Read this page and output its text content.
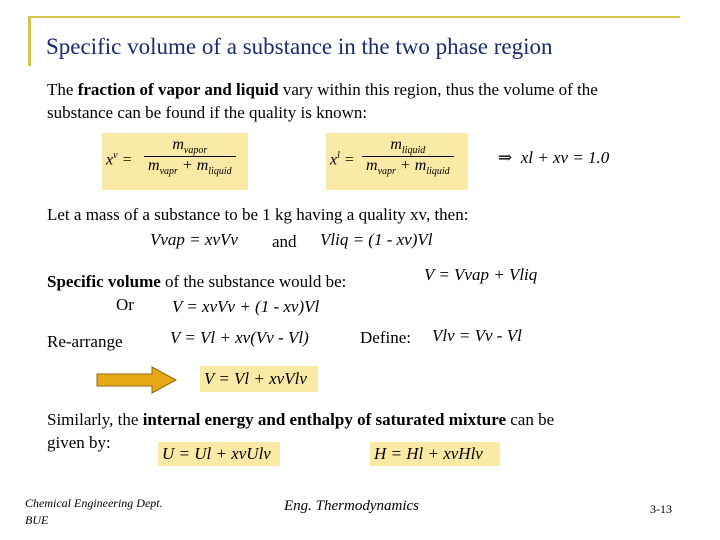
Specific volume of a substance in the two phase region
The fraction of vapor and liquid vary within this region, thus the volume of the
substance can be found if the quality is known:
$x^v$ =
$m_{vapor}$
$m_{vapr} + m_{liquid}$
$x^l$ =
$m_{liquid}$
$m_{vapr} + m_{liquid}$
⇒ xl + xv = 1.0
Let a mass of a substance to be 1 kg having a quality xv, then:
Vvap = xvVv and Vliq = (1 - xv)Vl
Specific volume of the substance would be:	V = Vvap + Vliq
Or V = xvVv + (1 - xv)Vl
Re-arrange	V = Vl + xv(Vv - Vl)	Define: Vlv = Vv - Vl
V = Vl + xvVlv
Similarly, the internal energy and enthalpy of saturated mixture can be
given by:
U = Ul + xvUlv	H = Hl + xvHlv
Chemical Engineering Dept.
BUE
Eng. Thermodynamics	3-13
